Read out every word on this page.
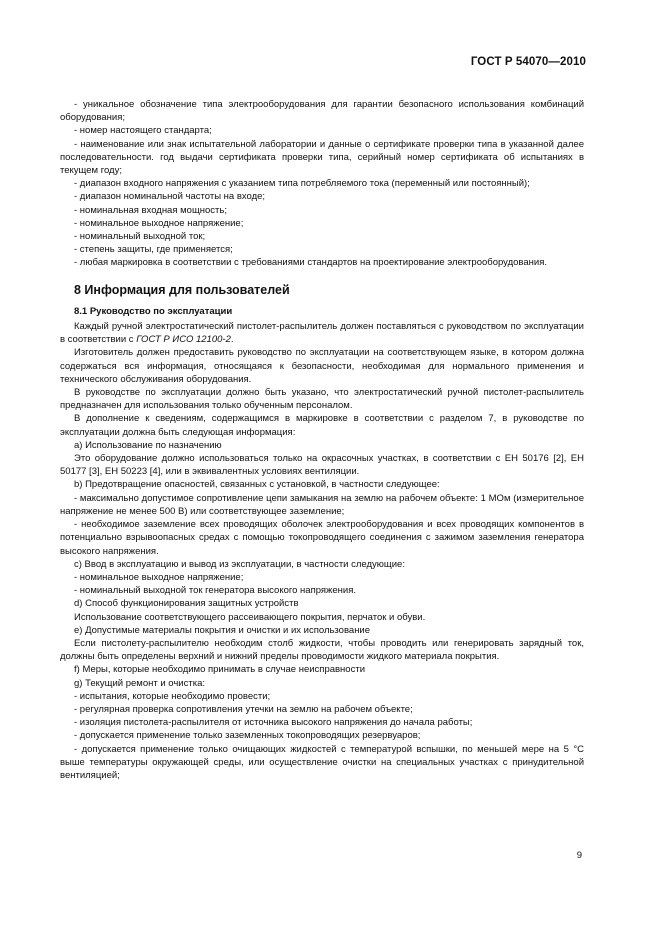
ГОСТ Р 54070—2010

- уникальное обозначение типа электрооборудования для гарантии безопасного использования комбинаций оборудования;

- номер настоящего стандарта;

- наименование или знак испытательной лаборатории и данные о сертификате проверки типа в указанной далее последовательности. год выдачи сертификата проверки типа, серийный номер сертификата об испытаниях в текущем году;

- диапазон входного напряжения с указанием типа потребляемого тока (переменный или постоянный);

- диапазон номинальной частоты на входе;

- номинальная входная мощность;

- номинальное выходное напряжение;

- номинальный выходной ток;

- степень защиты, где применяется;

- любая маркировка в соответствии с требованиями стандартов на проектирование электрооборудования.

8 Информация для пользователей
8.1 Руководство по эксплуатации

Каждый ручной электростатический пистолет-распылитель должен поставляться с руководством по эксплуатации в соответствии с ГОСТ Р ИСО 12100-2.

Изготовитель должен предоставить руководство по эксплуатации на соответствующем языке, в котором должна содержаться вся информация, относящаяся к безопасности, необходимая для нормального применения и технического обслуживания оборудования.

В руководстве по эксплуатации должно быть указано, что электростатический ручной пистолет-распылитель предназначен для использования только обученным персоналом.

В дополнение к сведениям, содержащимся в маркировке в соответствии с разделом 7, в руководстве по эксплуатации должна быть следующая информация:

а) Использование по назначению

Это оборудование должно использоваться только на окрасочных участках, в соответствии с ЕН 50176 [2], ЕН 50177 [3], ЕН 50223 [4], или в эквивалентных условиях вентиляции.

b) Предотвращение опасностей, связанных с установкой, в частности следующее:

- максимально допустимое сопротивление цепи замыкания на землю на рабочем объекте: 1 МОм (измерительное напряжение не менее 500 В) или соответствующее заземление;

- необходимое заземление всех проводящих оболочек электрооборудования и всех проводящих компонентов в потенциально взрывоопасных средах с помощью токопроводящего соединения с зажимом заземления генератора высокого напряжения.

c) Ввод в эксплуатацию и вывод из эксплуатации, в частности следующие:

- номинальное выходное напряжение;

- номинальный выходной ток генератора высокого напряжения.

d) Способ функционирования защитных устройств

Использование соответствующего рассеивающего покрытия, перчаток и обуви.

e) Допустимые материалы покрытия и очистки и их использование

Если пистолету-распылителю необходим столб жидкости, чтобы проводить или генерировать зарядный ток, должны быть определены верхний и нижний пределы проводимости жидкого материала покрытия.

f) Меры, которые необходимо принимать в случае неисправности

g) Текущий ремонт и очистка:

- испытания, которые необходимо провести;

- регулярная проверка сопротивления утечки на землю на рабочем объекте;

- изоляция пистолета-распылителя от источника высокого напряжения до начала работы;

- допускается применение только заземленных токопроводящих резервуаров;

- допускается применение только очищающих жидкостей с температурой вспышки, по меньшей мере на 5 °С выше температуры окружающей среды, или осуществление очистки на специальных участках с принудительной вентиляцией;

9
